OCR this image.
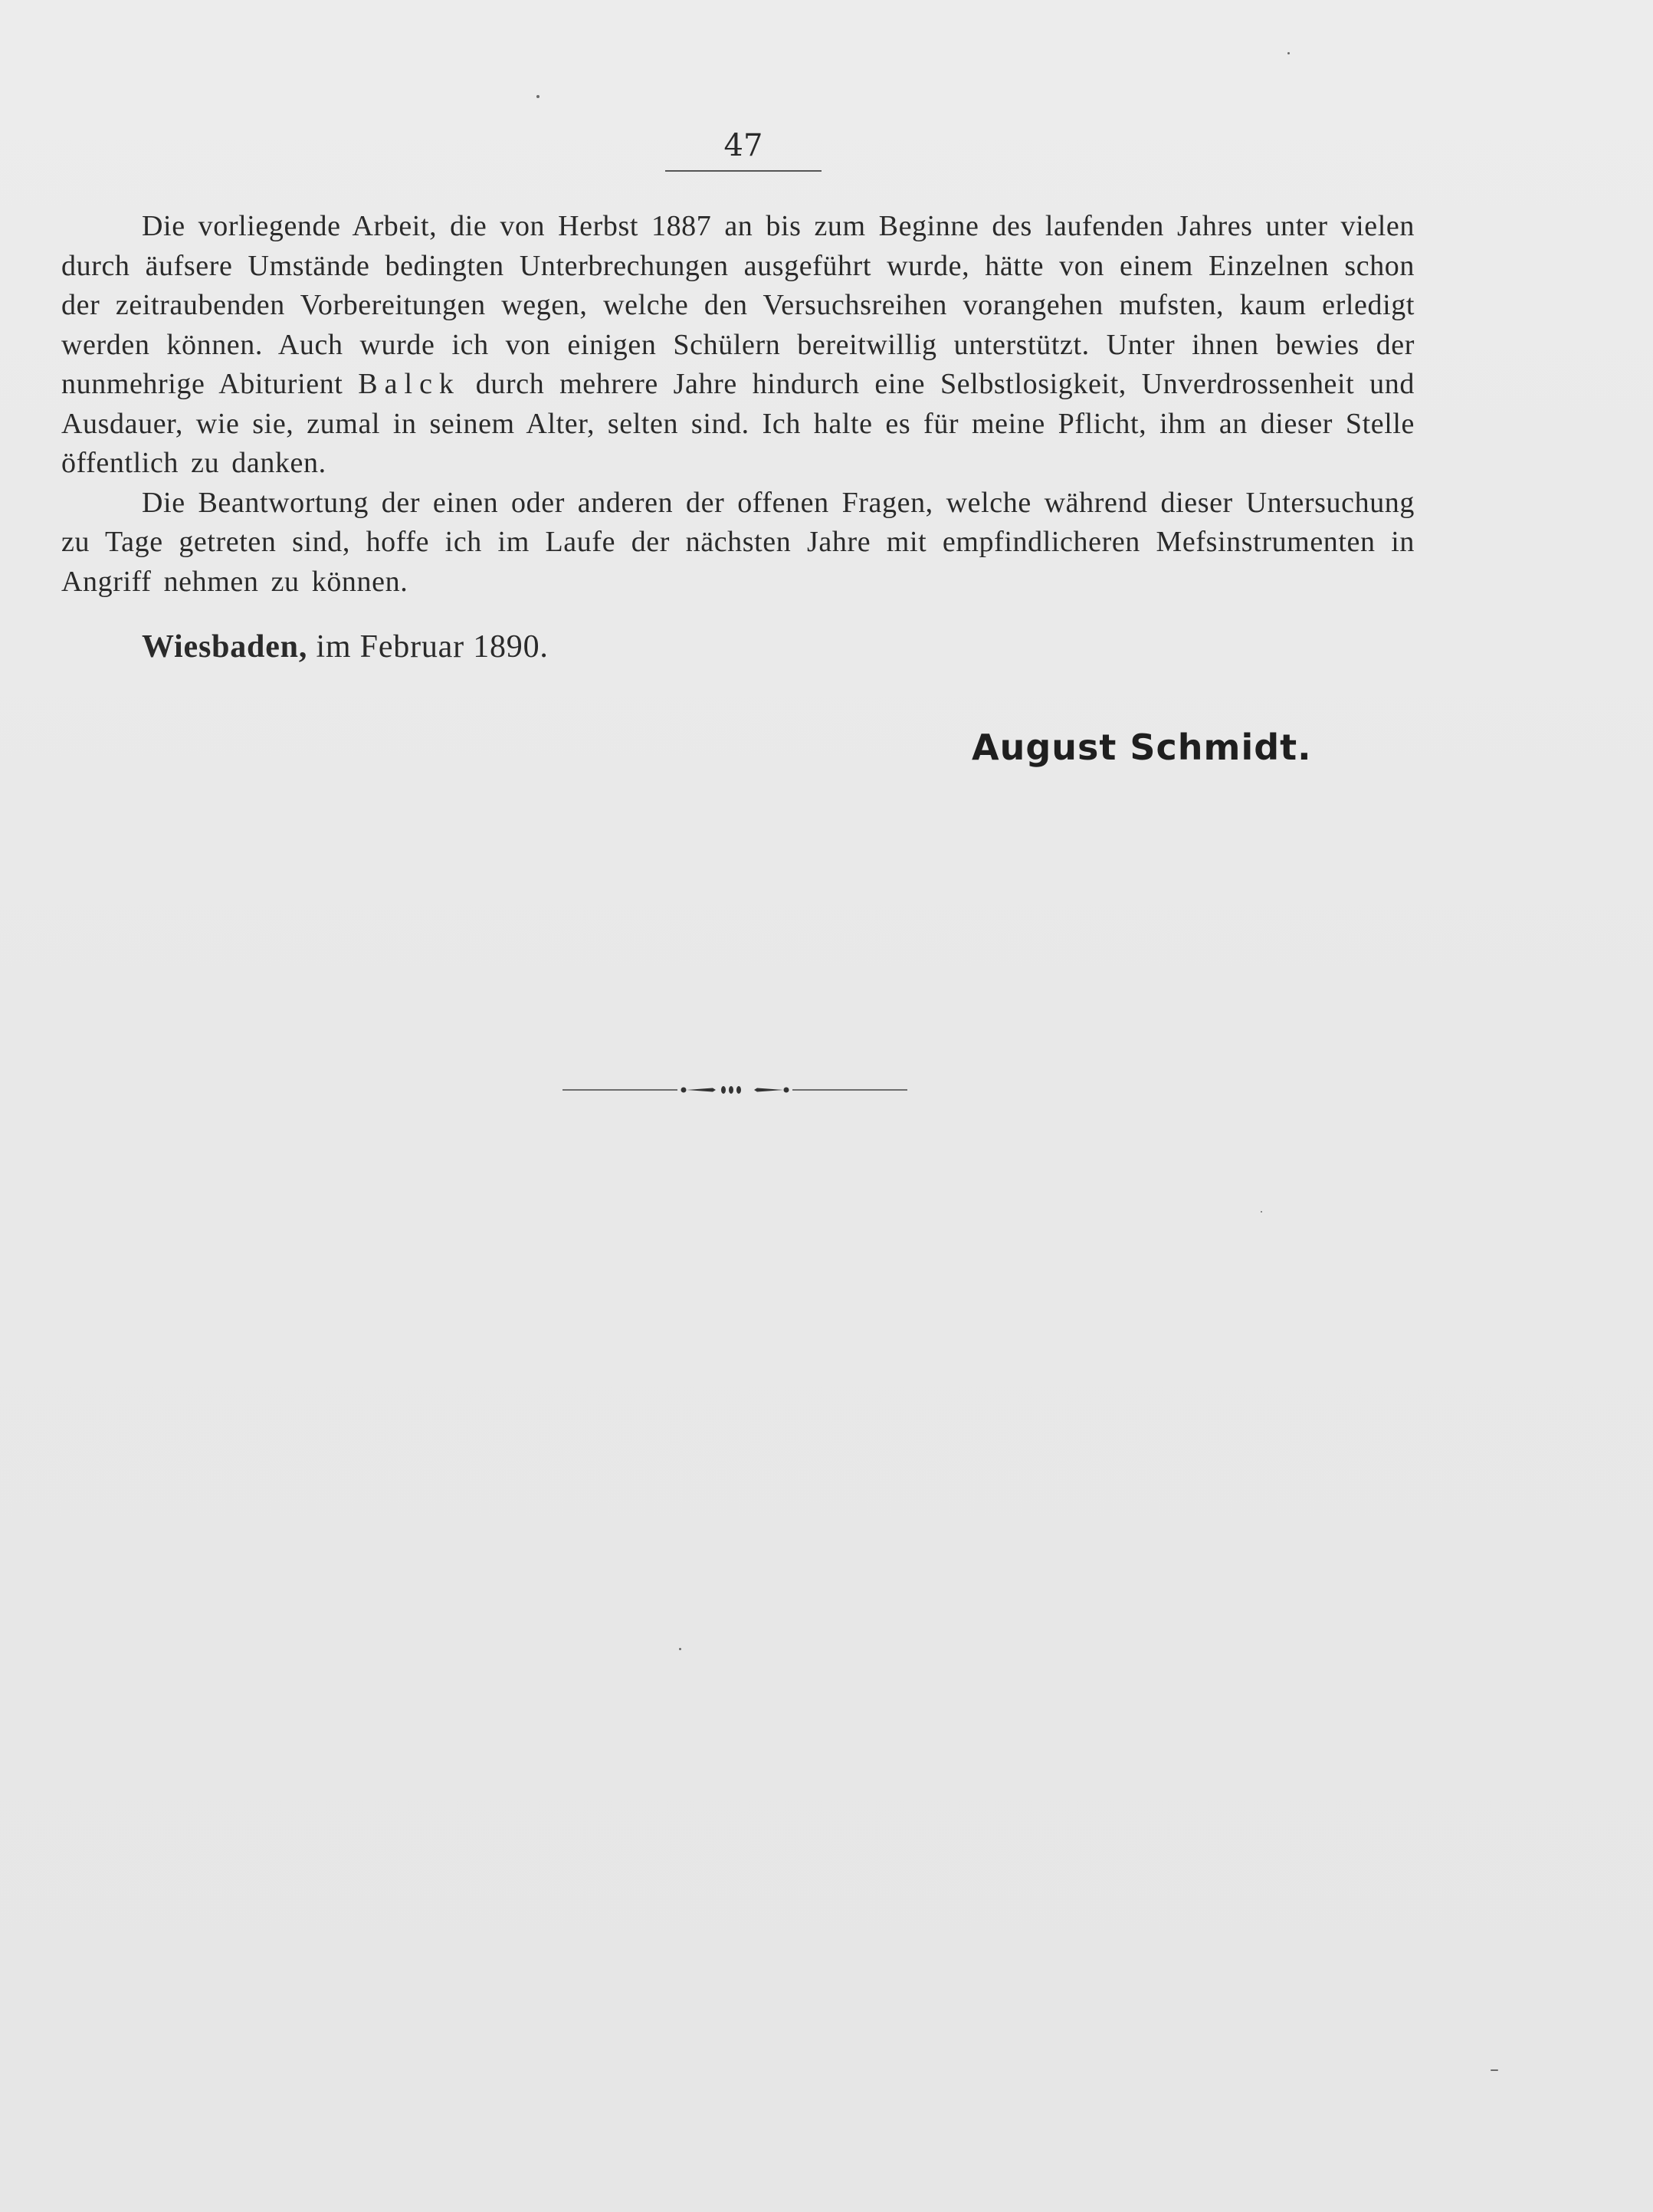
47

Die vorliegende Arbeit, die von Herbst 1887 an bis zum Beginne des laufenden Jahres unter vielen durch äufsere Umstände bedingten Unterbrechungen ausgeführt wurde, hätte von einem Einzelnen schon der zeitraubenden Vorbereitungen wegen, welche den Versuchsreihen vorangehen mufsten, kaum erledigt werden können. Auch wurde ich von einigen Schülern bereitwillig unterstützt. Unter ihnen bewies der nunmehrige Abiturient Balck durch mehrere Jahre hindurch eine Selbstlosigkeit, Unverdrossenheit und Ausdauer, wie sie, zumal in seinem Alter, selten sind. Ich halte es für meine Pflicht, ihm an dieser Stelle öffentlich zu danken.

Die Beantwortung der einen oder anderen der offenen Fragen, welche während dieser Untersuchung zu Tage getreten sind, hoffe ich im Laufe der nächsten Jahre mit empfindlicheren Mefsinstrumenten in Angriff nehmen zu können.

Wiesbaden, im Februar 1890.
August Schmidt.
